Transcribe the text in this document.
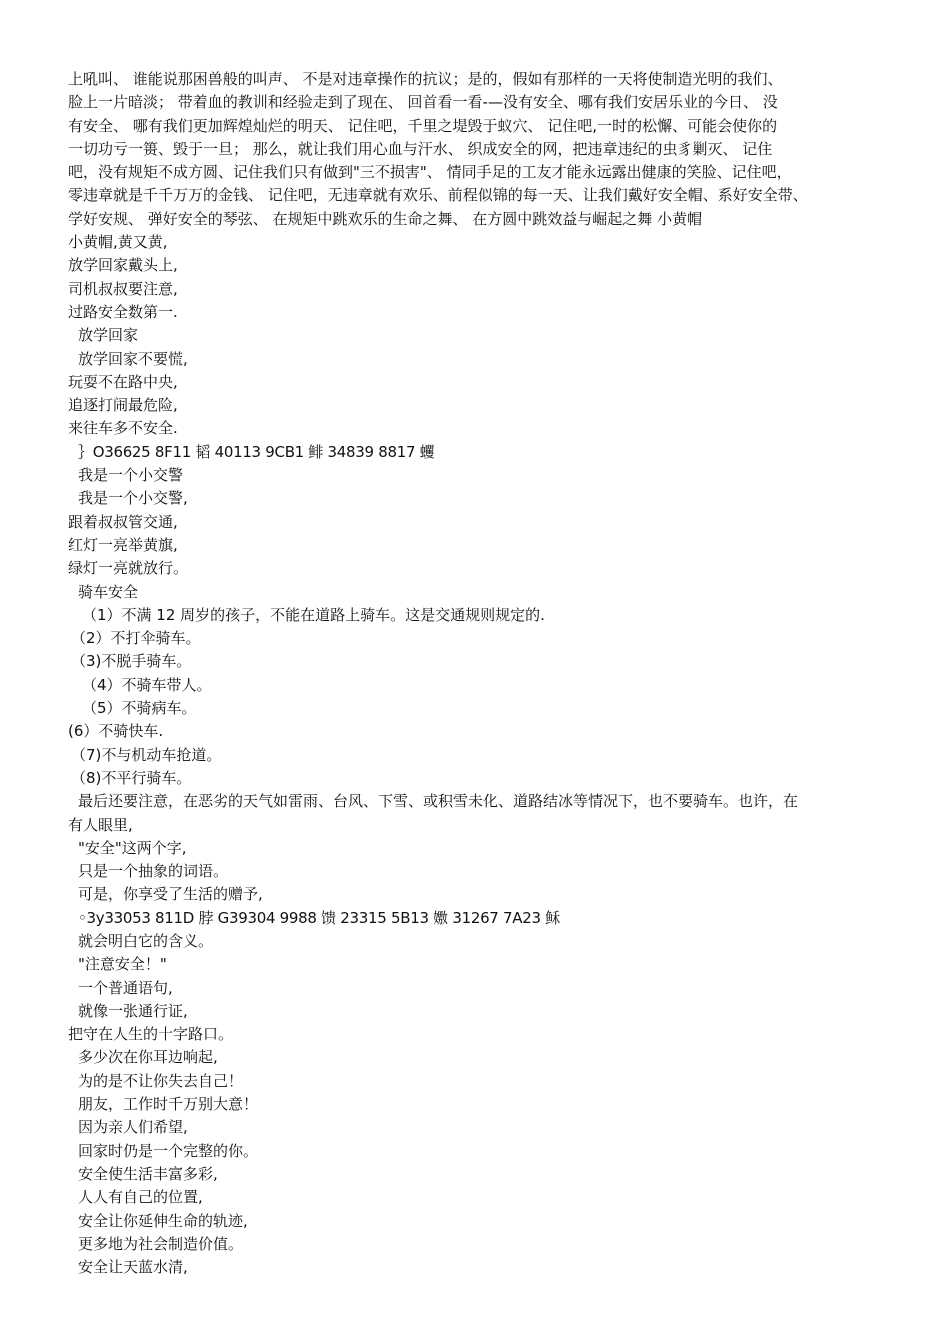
上吼叫、 谁能说那困兽般的叫声、 不是对违章操作的抗议；是的，假如有那样的一天将使制造光明的我们、
脸上一片暗淡； 带着血的教训和经验走到了现在、 回首看一看-—没有安全、哪有我们安居乐业的今日、 没
有安全、 哪有我们更加辉煌灿烂的明天、 记住吧，千里之堤毁于蚁穴、 记住吧,一时的松懈、可能会使你的
一切功亏一篑、毁于一旦； 那么，就让我们用心血与汗水、 织成安全的网，把违章违纪的虫豸剿灭、 记住
吧，没有规矩不成方圆、记住我们只有做到"三不损害"、 情同手足的工友才能永远露出健康的笑脸、记住吧，
零违章就是千千万万的金钱、 记住吧，无违章就有欢乐、前程似锦的每一天、让我们戴好安全帽、系好安全带、
学好安规、 弹好安全的琴弦、 在规矩中跳欢乐的生命之舞、 在方圆中跳效益与崛起之舞 小黄帽
小黄帽,黄又黄,
放学回家戴头上,
司机叔叔要注意,
过路安全数第一.
放学回家
放学回家不要慌,
玩耍不在路中央,
追逐打闹最危险,
来往车多不安全.
｝O36625 8F11 韬 40113 9CB1 鲱 34839 8817 蠼
我是一个小交警
我是一个小交警,
跟着叔叔管交通,
红灯一亮举黄旗,
绿灯一亮就放行。
骑车安全
（1）不满 12 周岁的孩子，不能在道路上骑车。这是交通规则规定的.
（2）不打伞骑车。
（3)不脱手骑车。
（4）不骑车带人。
（5）不骑病车。
(6）不骑快车.
（7)不与机动车抢道。
（8)不平行骑车。
最后还要注意，在恶劣的天气如雷雨、台风、下雪、或积雪未化、道路结冰等情况下，也不要骑车。也许，在
有人眼里,
"安全"这两个字,
只是一个抽象的词语。
可是，你享受了生活的赠予,
◦3y33053 811D 脖 G39304 9988 馈 23315 5B13 嫐 31267 7A23 稣
就会明白它的含义。
"注意安全！"
一个普通语句,
就像一张通行证,
把守在人生的十字路口。
多少次在你耳边响起,
为的是不让你失去自己！
朋友，工作时千万别大意！
因为亲人们希望,
回家时仍是一个完整的你。
安全使生活丰富多彩,
人人有自己的位置,
安全让你延伸生命的轨迹,
更多地为社会制造价值。
安全让天蓝水清,
